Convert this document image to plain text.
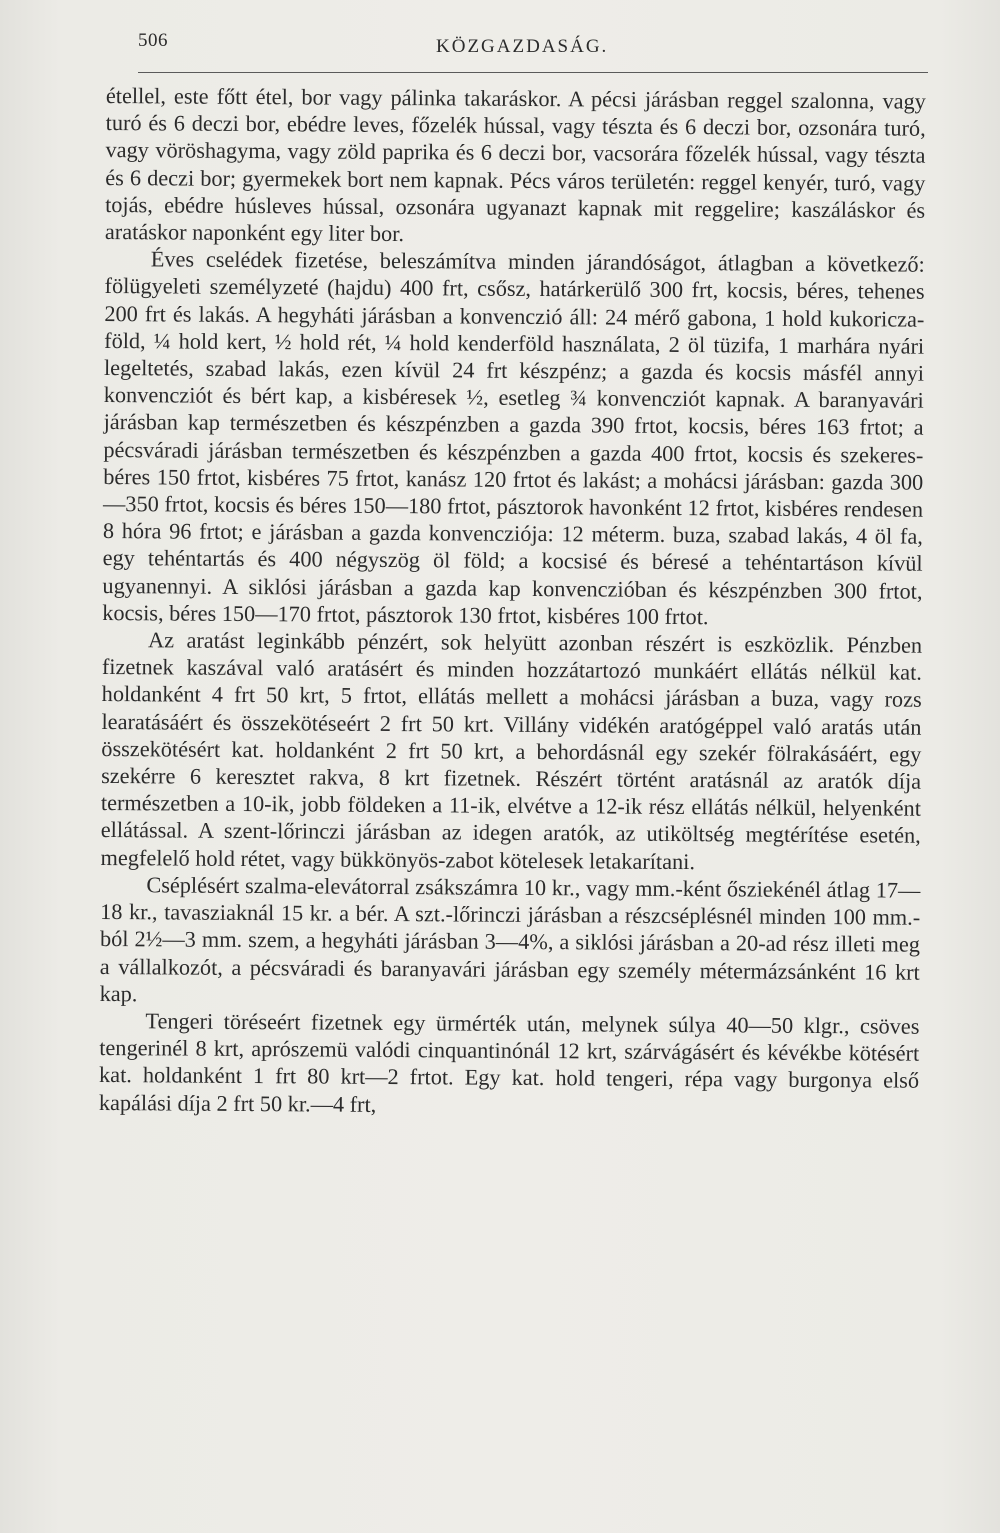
506	KÖZGAZDASÁG.

étellel, este főtt étel, bor vagy pálinka takaráskor. A pécsi járásban reggel szalonna, vagy turó és 6 deczi bor, ebédre leves, főzelék hússal, vagy tészta és 6 deczi bor, ozsonára turó, vagy vöröshagyma, vagy zöld paprika és 6 deczi bor, vacsorára főzelék hússal, vagy tészta és 6 deczi bor; gyermekek bort nem kapnak. Pécs város területén: reggel kenyér, turó, vagy tojás, ebédre húsleves hússal, ozsonára ugyanazt kapnak mit reggelire; kaszáláskor és aratáskor naponként egy liter bor.

Éves cselédek fizetése, beleszámítva minden járandóságot, átlagban a következő: fölügyeleti személyzeté (hajdu) 400 frt, csősz, határkerülő 300 frt, kocsis, béres, tehenes 200 frt és lakás. A hegyháti járásban a konvenczió áll: 24 mérő gabona, 1 hold kukoricza-föld, ¼ hold kert, ½ hold rét, ¼ hold kenderföld használata, 2 öl tüzifa, 1 marhára nyári legeltetés, szabad lakás, ezen kívül 24 frt készpénz; a gazda és kocsis másfél annyi konvencziót és bért kap, a kisbéresek ½, esetleg ¾ konvencziót kapnak. A baranyavári járásban kap természetben és készpénzben a gazda 390 frtot, kocsis, béres 163 frtot; a pécsváradi járásban természetben és készpénzben a gazda 400 frtot, kocsis és szekeres-béres 150 frtot, kisbéres 75 frtot, kanász 120 frtot és lakást; a mohácsi járásban: gazda 300—350 frtot, kocsis és béres 150—180 frtot, pásztorok havonként 12 frtot, kisbéres rendesen 8 hóra 96 frtot; e járásban a gazda konvencziója: 12 méterm. buza, szabad lakás, 4 öl fa, egy tehéntartás és 400 négyszög öl föld; a kocsisé és béresé a tehéntartáson kívül ugyanennyi. A siklósi járásban a gazda kap konvenczióban és készpénzben 300 frtot, kocsis, béres 150—170 frtot, pásztorok 130 frtot, kisbéres 100 frtot.

Az aratást leginkább pénzért, sok helyütt azonban részért is eszközlik. Pénzben fizetnek kaszával való aratásért és minden hozzátartozó munkáért ellátás nélkül kat. holdanként 4 frt 50 krt, 5 frtot, ellátás mellett a mohácsi járásban a buza, vagy rozs learatásáért és összekötéseért 2 frt 50 krt. Villány vidékén aratógéppel való aratás után összekötésért kat. holdanként 2 frt 50 krt, a behordásnál egy szekér fölrakásáért, egy szekérre 6 keresztet rakva, 8 krt fizetnek. Részért történt aratásnál az aratók díja természetben a 10-ik, jobb földeken a 11-ik, elvétve a 12-ik rész ellátás nélkül, helyenként ellátással. A szent-lőrinczi járásban az idegen aratók, az utiköltség megtérítése esetén, megfelelő hold rétet, vagy bükkönyös-zabot kötelesek letakarítani.

Cséplésért szalma-elevátorral zsákszámra 10 kr., vagy mm.-ként ősziekénél átlag 17—18 kr., tavasziaknál 15 kr. a bér. A szt.-lőrinczi járásban a részcséplésnél minden 100 mm.-ból 2½—3 mm. szem, a hegyháti járásban 3—4%, a siklósi járásban a 20-ad rész illeti meg a vállalkozót, a pécsváradi és baranyavári járásban egy személy métermázsánként 16 krt kap.

Tengeri töréseért fizetnek egy ürmérték után, melynek súlya 40—50 klgr., csöves tengerinél 8 krt, aprószemü valódi cinquantinónál 12 krt, szárvágásért és kévékbe kötésért kat. holdanként 1 frt 80 krt—2 frtot. Egy kat. hold tengeri, répa vagy burgonya első kapálási díja 2 frt 50 kr.—4 frt,
